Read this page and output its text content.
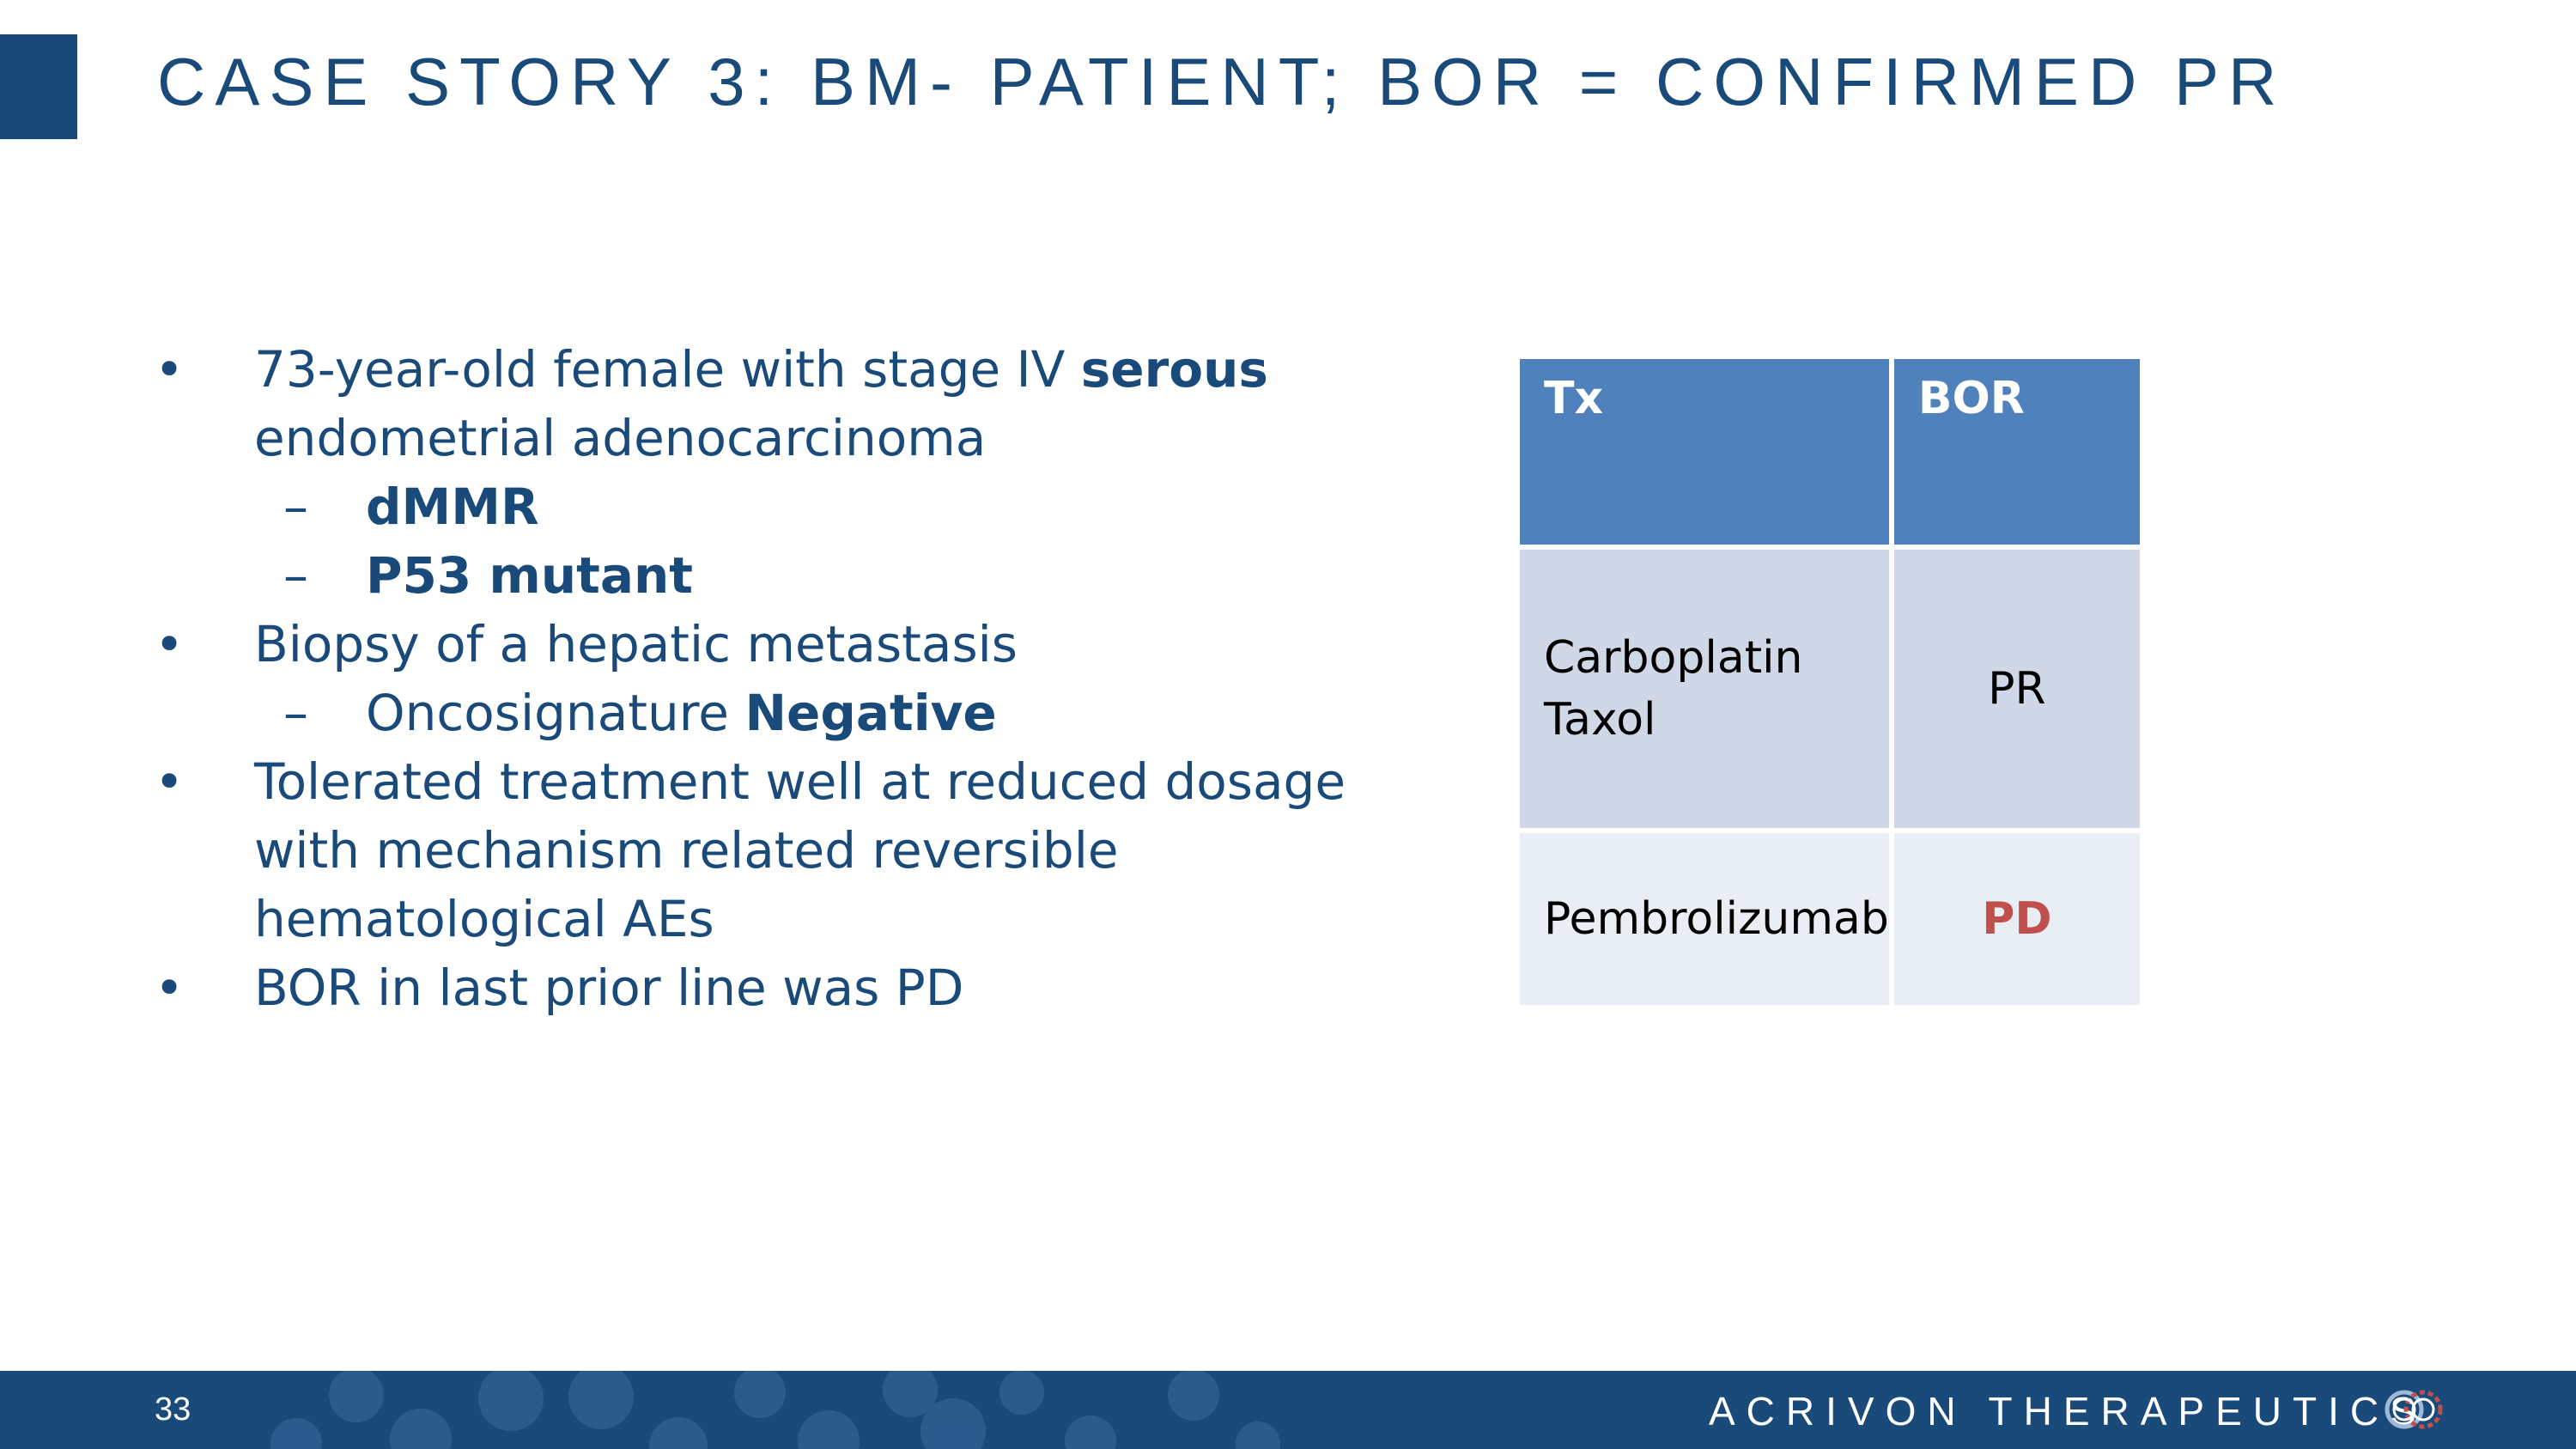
CASE STORY 3: BM- PATIENT; BOR = CONFIRMED PR
• 73-year-old female with stage IV serous
endometrial adenocarcinoma
– dMMR
– P53 mutant
• Biopsy of a hepatic metastasis
– Oncosignature Negative
• Tolerated treatment well at reduced dosage
with mechanism related reversible
hematological AEs
• BOR in last prior line was PD
Tx	BOR
Carboplatin
Taxol	PR
Pembrolizumab	PD
33	ACRIVON THERAPEUTICS
